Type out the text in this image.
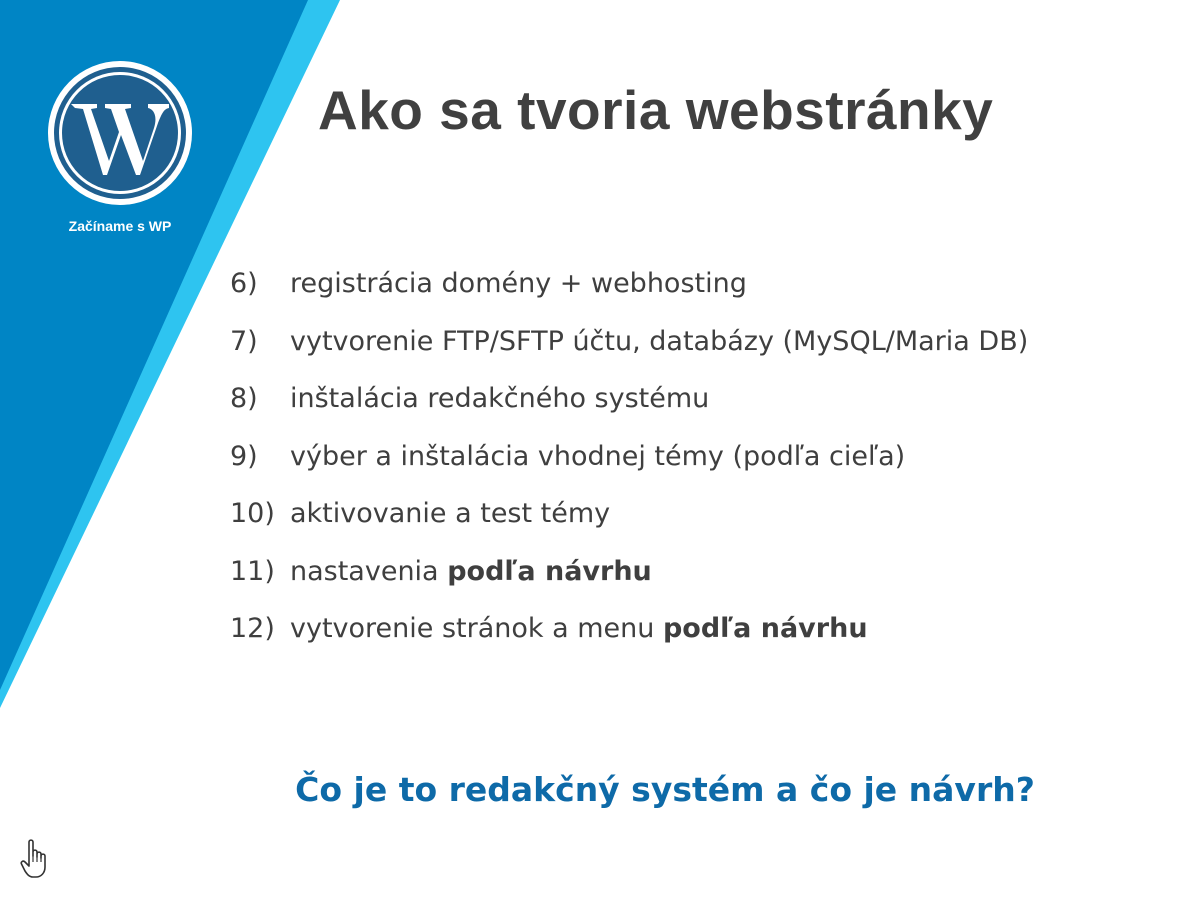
Začíname s WP
Ako sa tvoria webstránky
6)	registrácia domény + webhosting
7)	vytvorenie FTP/SFTP účtu, databázy (MySQL/Maria DB)
8)	inštalácia redakčného systému
9)	výber a inštalácia vhodnej témy (podľa cieľa)
10) aktivovanie a test témy
11) nastavenia podľa návrhu
12) vytvorenie stránok a menu podľa návrhu
Čo je to redakčný systém a čo je návrh?
